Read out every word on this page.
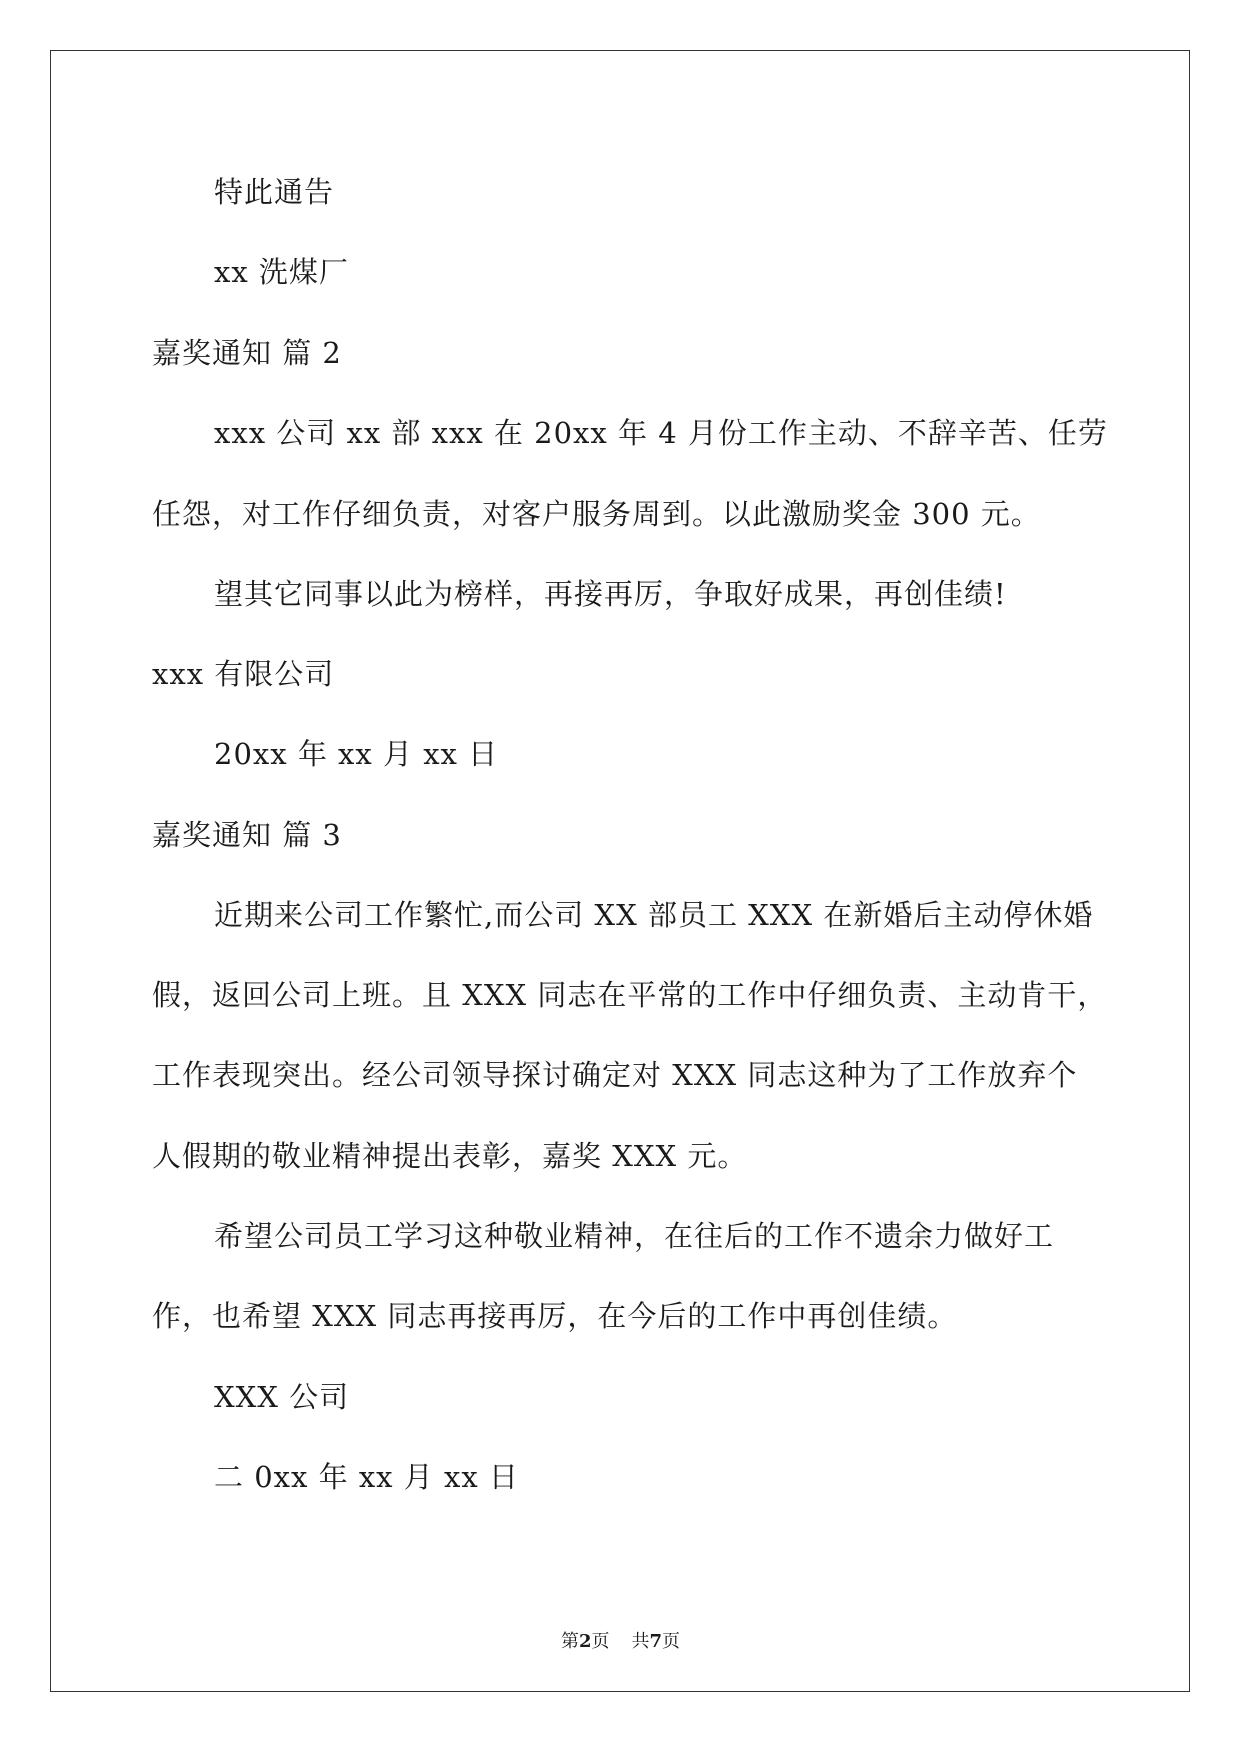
特此通告
xx 洗煤厂
嘉奖通知 篇 2
xxx 公司 xx 部 xxx 在 20xx 年 4 月份工作主动、不辞辛苦、任劳
任怨，对工作仔细负责，对客户服务周到。以此激励奖金 300 元。
望其它同事以此为榜样，再接再厉，争取好成果，再创佳绩!
xxx 有限公司
20xx 年 xx 月 xx 日
嘉奖通知 篇 3
近期来公司工作繁忙,而公司 XX 部员工 XXX 在新婚后主动停休婚
假，返回公司上班。且 XXX 同志在平常的工作中仔细负责、主动肯干，
工作表现突出。经公司领导探讨确定对 XXX 同志这种为了工作放弃个
人假期的敬业精神提出表彰，嘉奖 XXX 元。
希望公司员工学习这种敬业精神，在往后的工作不遗余力做好工
作，也希望 XXX 同志再接再厉，在今后的工作中再创佳绩。
XXX 公司
二 0xx 年 xx 月 xx 日
第2页 共7页
